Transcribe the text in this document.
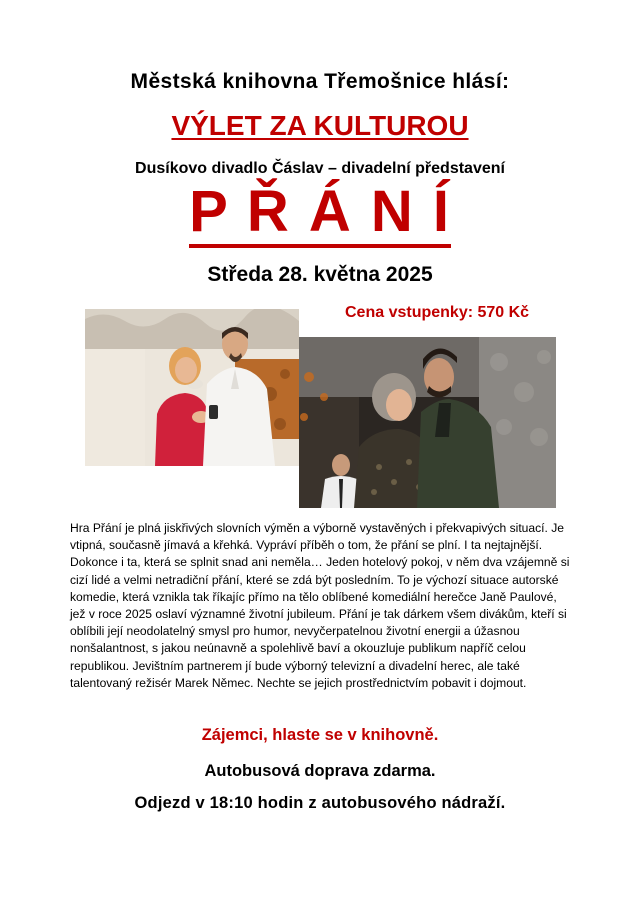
Městská knihovna Třemošnice hlásí:
VÝLET ZA KULTUROU
Dusíkovo divadlo Čáslav – divadelní představení
P Ř Á N Í
Středa 28. května 2025
Cena vstupenky: 570 Kč
Hra Přání je plná jiskřivých slovních výměn a výborně vystavěných i překvapivých situací. Je vtipná, současně jímavá a křehká. Vypráví příběh o tom, že přání se plní. I ta nejtajnější. Dokonce i ta, která se splnit snad ani neměla… Jeden hotelový pokoj, v něm dva vzájemně si cizí lidé a velmi netradiční přání, které se zdá být posledním. To je výchozí situace autorské komedie, která vznikla tak říkajíc přímo na tělo oblíbené komediální herečce Janě Paulové, jež v roce 2025 oslaví významné životní jubileum. Přání je tak dárkem všem divákům, kteří si oblíbili její neodolatelný smysl pro humor, nevyčerpatelnou životní energii a úžasnou nonšalantnost, s jakou neúnavně a spolehlivě baví a okouzluje publikum napříč celou republikou. Jevištním partnerem jí bude výborný televizní a divadelní herec, ale také talentovaný režisér Marek Němec. Nechte se jejich prostřednictvím pobavit i dojmout.
Zájemci, hlaste se v knihovně.
Autobusová doprava zdarma.
Odjezd v 18:10 hodin z autobusového nádraží.
